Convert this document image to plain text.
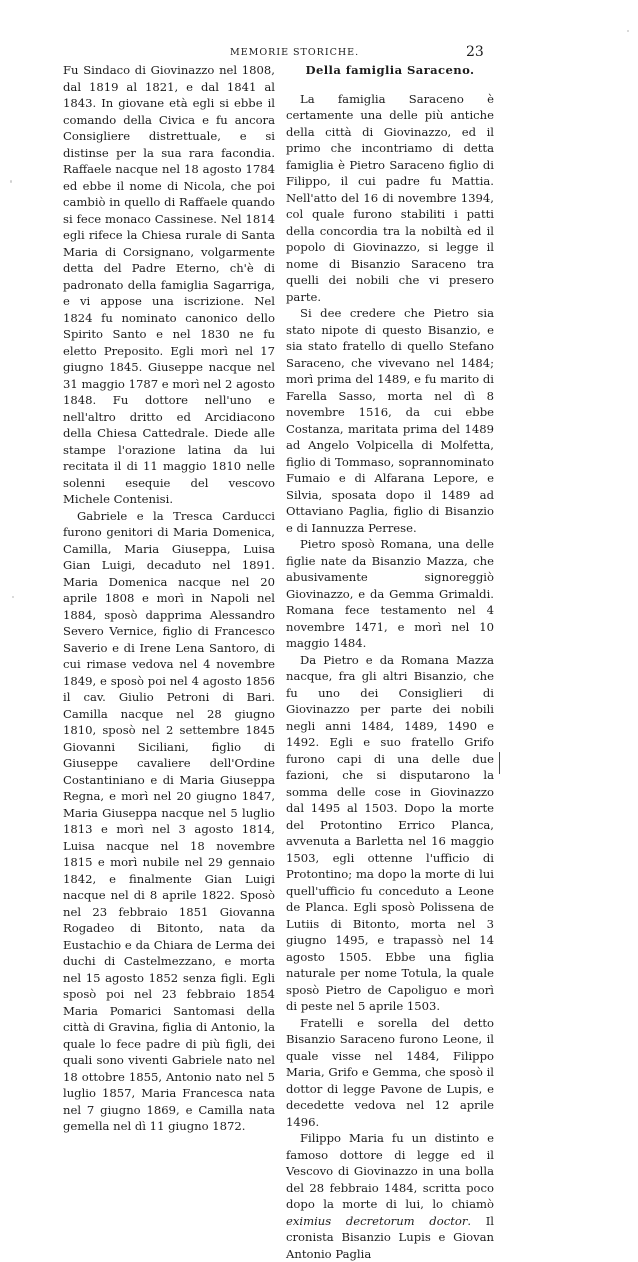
MEMORIE STORICHE.	23

Fu Sindaco di Giovinazzo nel 1808, dal 1819 al 1821, e dal 1841 al 1843. In giovane età egli si ebbe il comando della Civica e fu ancora Consigliere distrettuale, e si distinse per la sua rara facondia. Raffaele nacque nel 18 agosto 1784 ed ebbe il nome di Nicola, che poi cambiò in quello di Raffaele quando si fece monaco Cassinese. Nel 1814 egli rifece la Chiesa rurale di Santa Maria di Corsignano, volgarmente detta del Padre Eterno, ch'è di padronato della famiglia Sagarriga, e vi appose una iscrizione. Nel 1824 fu nominato canonico dello Spirito Santo e nel 1830 ne fu eletto Preposito. Egli morì nel 17 giugno 1845. Giuseppe nacque nel 31 maggio 1787 e morì nel 2 agosto 1848. Fu dottore nell'uno e nell'altro dritto ed Arcidiacono della Chiesa Cattedrale. Diede alle stampe l'orazione latina da lui recitata il di 11 maggio 1810 nelle solenni esequie del vescovo Michele Contenisi.

Gabriele e la Tresca Carducci furono genitori di Maria Domenica, Camilla, Maria Giuseppa, Luisa Gian Luigi, decaduto nel 1891. Maria Domenica nacque nel 20 aprile 1808 e morì in Napoli nel 1884, sposò dapprima Alessandro Severo Vernice, figlio di Francesco Saverio e di Irene Lena Santoro, di cui rimase vedova nel 4 novembre 1849, e sposò poi nel 4 agosto 1856 il cav. Giulio Petroni di Bari. Camilla nacque nel 28 giugno 1810, sposò nel 2 settembre 1845 Giovanni Siciliani, figlio di Giuseppe cavaliere dell'Ordine Costantiniano e di Maria Giuseppa Regna, e morì nel 20 giugno 1847, Maria Giuseppa nacque nel 5 luglio 1813 e morì nel 3 agosto 1814, Luisa nacque nel 18 novembre 1815 e morì nubile nel 29 gennaio 1842, e finalmente Gian Luigi nacque nel di 8 aprile 1822. Sposò nel 23 febbraio 1851 Giovanna Rogadeo di Bitonto, nata da Eustachio e da Chiara de Lerma dei duchi di Castelmezzano, e morta nel 15 agosto 1852 senza figli. Egli sposò poi nel 23 febbraio 1854 Maria Pomarici Santomasi della città di Gravina, figlia di Antonio, la quale lo fece padre di più figli, dei quali sono viventi Gabriele nato nel 18 ottobre 1855, Antonio nato nel 5 luglio 1857, Maria Francesca nata nel 7 giugno 1869, e Camilla nata gemella nel dì 11 giugno 1872.

Della famiglia Saraceno.

La famiglia Saraceno è certamente una delle più antiche della città di Giovinazzo, ed il primo che incontriamo di detta famiglia è Pietro Saraceno figlio di Filippo, il cui padre fu Mattia. Nell'atto del 16 di novembre 1394, col quale furono stabiliti i patti della concordia tra la nobiltà ed il popolo di Giovinazzo, si legge il nome di Bisanzio Saraceno tra quelli dei nobili che vi presero parte.

Si dee credere che Pietro sia stato nipote di questo Bisanzio, e sia stato fratello di quello Stefano Saraceno, che vivevano nel 1484; morì prima del 1489, e fu marito di Farella Sasso, morta nel dì 8 novembre 1516, da cui ebbe Costanza, maritata prima del 1489 ad Angelo Volpicella di Molfetta, figlio di Tommaso, soprannominato Fumaio e di Alfarana Lepore, e Silvia, sposata dopo il 1489 ad Ottaviano Paglia, figlio di Bisanzio e di Iannuzza Perrese.

Pietro sposò Romana, una delle figlie nate da Bisanzio Mazza, che abusivamente signoreggiò Giovinazzo, e da Gemma Grimaldi. Romana fece testamento nel 4 novembre 1471, e morì nel 10 maggio 1484.

Da Pietro e da Romana Mazza nacque, fra gli altri Bisanzio, che fu uno dei Consiglieri di Giovinazzo per parte dei nobili negli anni 1484, 1489, 1490 e 1492. Egli e suo fratello Grifo furono capi di una delle due fazioni, che si disputarono la somma delle cose in Giovinazzo dal 1495 al 1503. Dopo la morte del Protontino Errico Planca, avvenuta a Barletta nel 16 maggio 1503, egli ottenne l'ufficio di Protontino; ma dopo la morte di lui quell'ufficio fu conceduto a Leone de Planca. Egli sposò Polissena de Lutiis di Bitonto, morta nel 3 giugno 1495, e trapassò nel 14 agosto 1505. Ebbe una figlia naturale per nome Totula, la quale sposò Pietro de Capoliguo e morì di peste nel 5 aprile 1503.

Fratelli e sorella del detto Bisanzio Saraceno furono Leone, il quale visse nel 1484, Filippo Maria, Grifo e Gemma, che sposò il dottor di legge Pavone de Lupis, e decedette vedova nel 12 aprile 1496.

Filippo Maria fu un distinto e famoso dottore di legge ed il Vescovo di Giovinazzo in una bolla del 28 febbraio 1484, scritta poco dopo la morte di lui, lo chiamò eximius decretorum doctor. Il cronista Bisanzio Lupis e Giovan Antonio Paglia
